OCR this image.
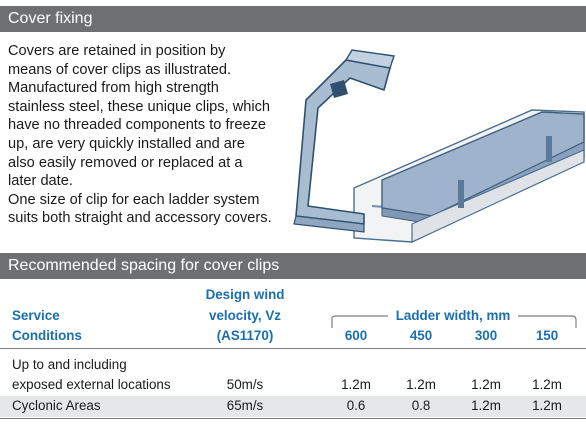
Cover fixing

Covers are retained in position by means of cover clips as illustrated. Manufactured from high strength stainless steel, these unique clips, which have no threaded components to freeze up, are very quickly installed and are also easily removed or replaced at a later date.

One size of clip for each ladder system suits both straight and accessory covers.

Recommended spacing for cover clips
Design wind
Service	velocity, Vz	Ladder width, mm
Conditions	(AS1170)	600	450	300	150
Up to and including
exposed external locations	50m/s	1.2m	1.2m	1.2m	1.2m
Cyclonic Areas	65m/s	0.6	0.8	1.2m	1.2m
